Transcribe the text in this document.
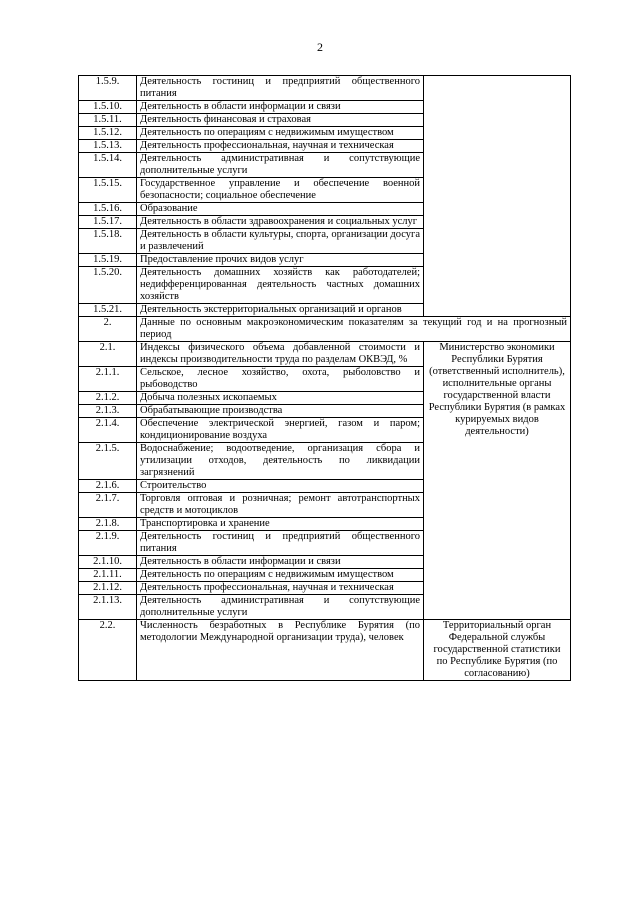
2
1.5.9.	Деятельность гостиниц и предприятий общественного питания	
1.5.10.	Деятельность в области информации и связи	
1.5.11.	Деятельность финансовая и страховая	
1.5.12.	Деятельность по операциям с недвижимым имуществом	
1.5.13.	Деятельность профессиональная, научная и техническая	
1.5.14.	Деятельность административная и сопутствующие дополнительные услуги	
1.5.15.	Государственное управление и обеспечение военной безопасности; социальное обеспечение	
1.5.16.	Образование	
1.5.17.	Деятельность в области здравоохранения и социальных услуг	
1.5.18.	Деятельность в области культуры, спорта, организации досуга и развлечений	
1.5.19.	Предоставление прочих видов услуг	
1.5.20.	Деятельность домашних хозяйств как работодателей; недифференцированная деятельность частных домашних хозяйств	
1.5.21.	Деятельность экстерриториальных организаций и органов	
2.	Данные по основным макроэкономическим показателям за текущий год и на прогнозный период	
2.1.	Индексы физического объема добавленной стоимости и индексы производительности труда по разделам ОКВЭД, %	Министерство экономики Республики Бурятия (ответственный исполнитель), исполнительные органы государственной власти Республики Бурятия (в рамках курируемых видов деятельности)
2.1.1.	Сельское, лесное хозяйство, охота, рыболовство и рыбоводство	
2.1.2.	Добыча полезных ископаемых	
2.1.3.	Обрабатывающие производства	
2.1.4.	Обеспечение электрической энергией, газом и паром; кондиционирование воздуха	
2.1.5.	Водоснабжение; водоотведение, организация сбора и утилизации отходов, деятельность по ликвидации загрязнений	
2.1.6.	Строительство	
2.1.7.	Торговля оптовая и розничная; ремонт автотранспортных средств и мотоциклов	
2.1.8.	Транспортировка и хранение	
2.1.9.	Деятельность гостиниц и предприятий общественного питания	
2.1.10.	Деятельность в области информации и связи	
2.1.11.	Деятельность по операциям с недвижимым имуществом	
2.1.12.	Деятельность профессиональная, научная и техническая	
2.1.13.	Деятельность административная и сопутствующие дополнительные услуги	
2.2.	Численность безработных в Республике Бурятия (по методологии Международной организации труда), человек	Территориальный орган Федеральной службы государственной статистики по Республике Бурятия (по согласованию)
